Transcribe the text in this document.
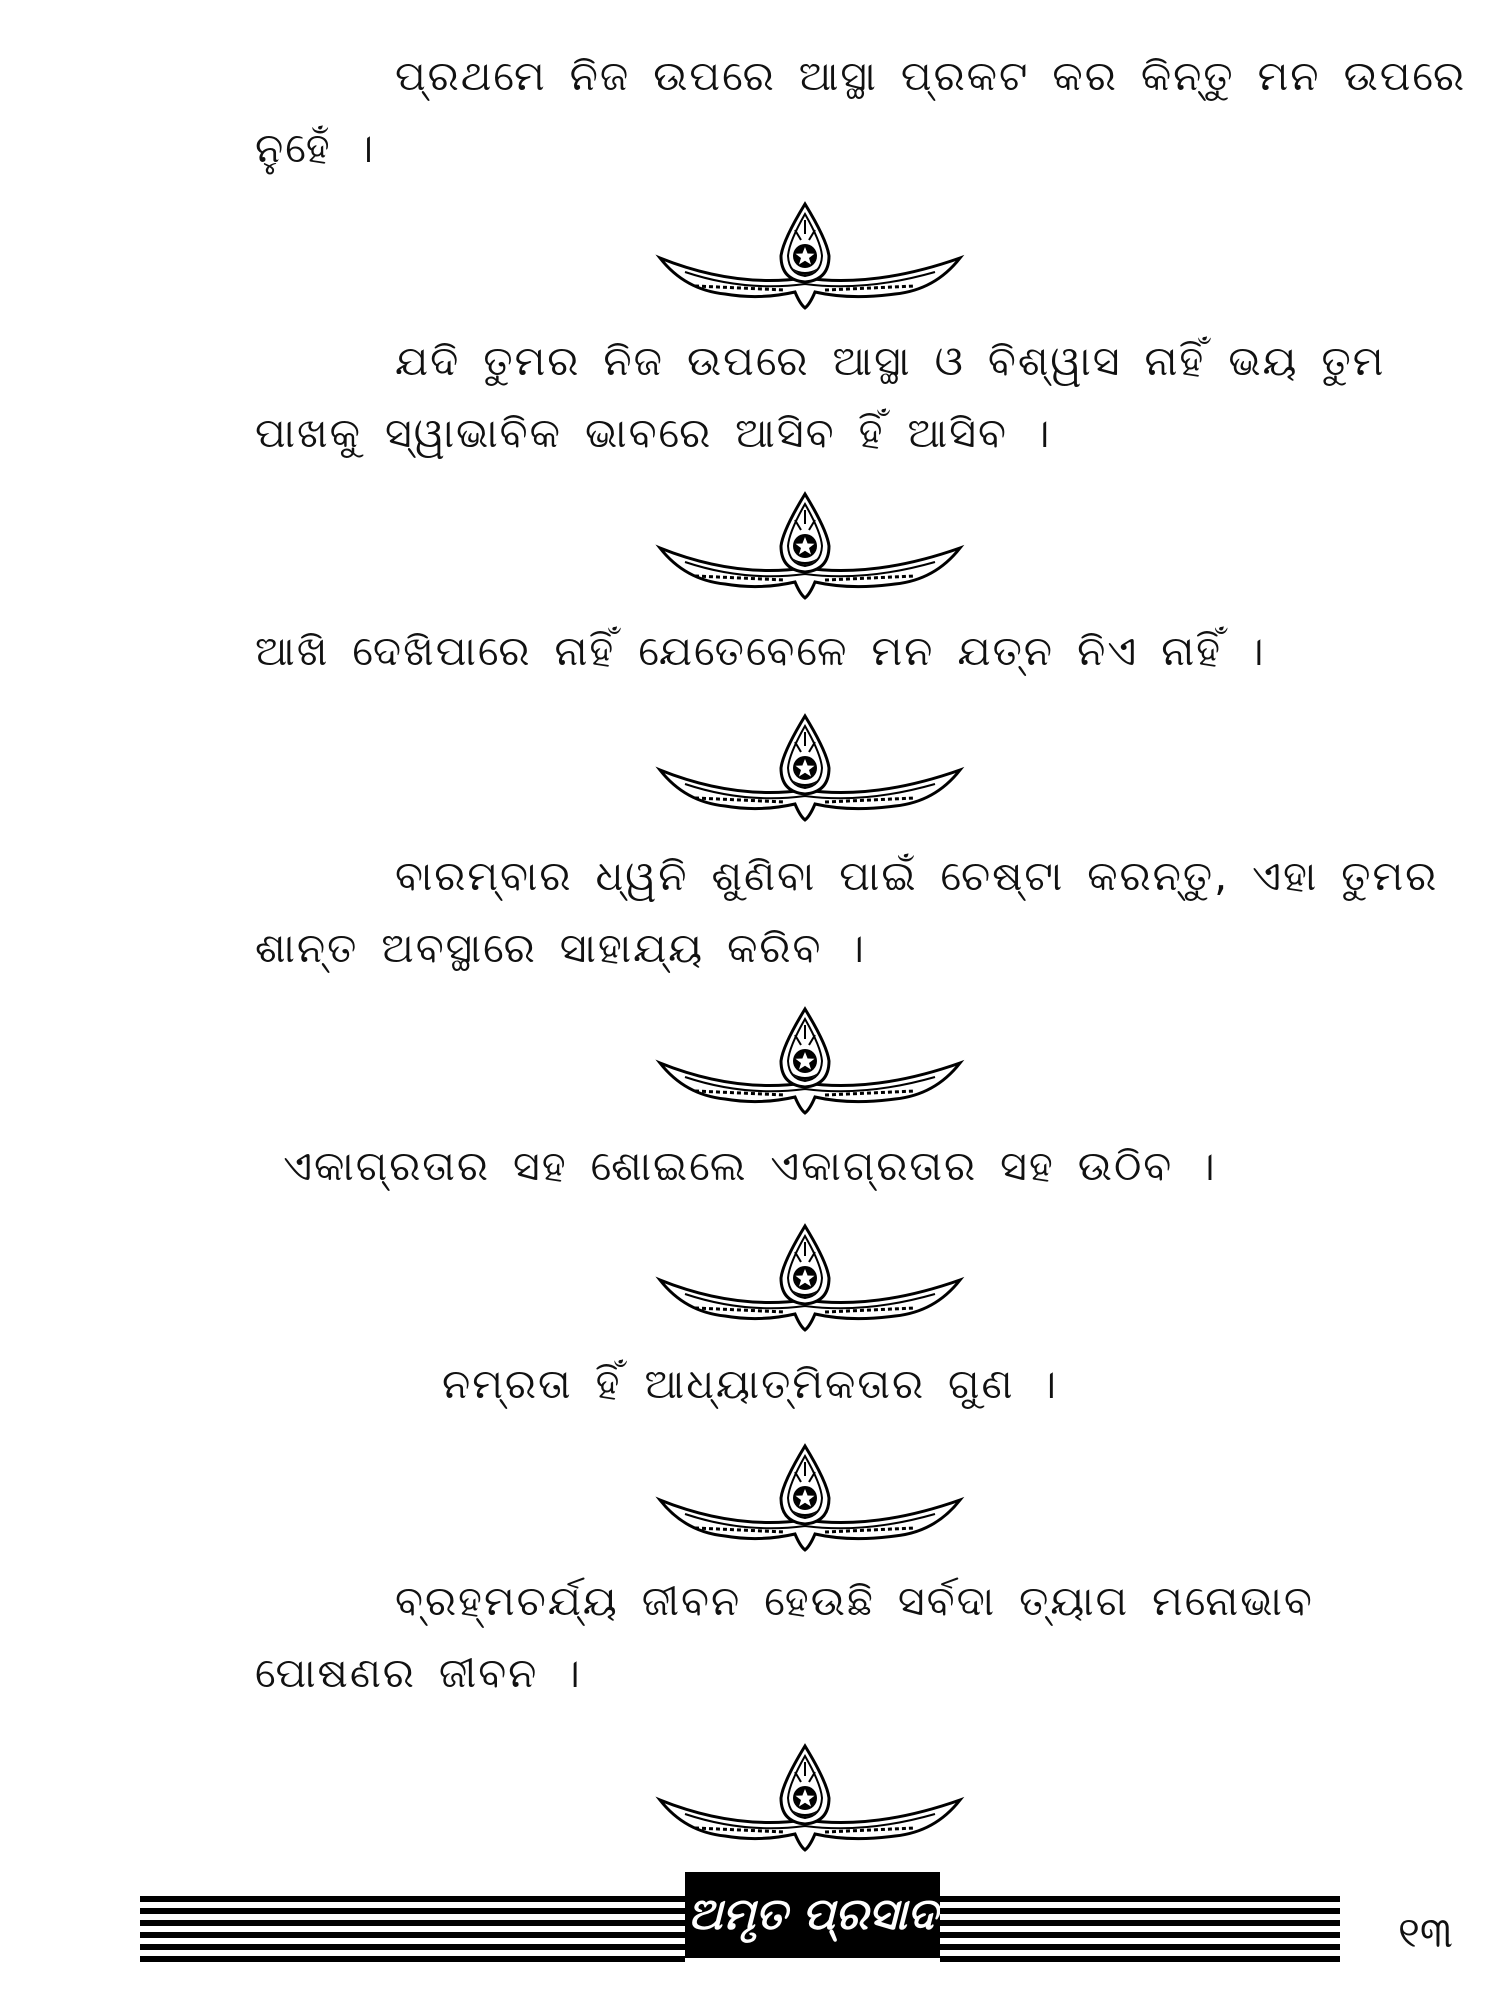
ପ୍ରଥମେ ନିଜ ଉପରେ ଆସ୍ଥା ପ୍ରକଟ କର କିନ୍ତୁ ମନ ଉପରେ ନୁହେଁ ।
ଯଦି ତୁମର ନିଜ ଉପରେ ଆସ୍ଥା ଓ ବିଶ୍ୱାସ ନାହିଁ ଭୟ ତୁମ ପାଖକୁ ସ୍ୱାଭାବିକ ଭାବରେ ଆସିବ ହିଁ ଆସିବ ।
ଆଖି ଦେଖିପାରେ ନାହିଁ ଯେତେବେଳେ ମନ ଯତ୍ନ ନିଏ ନାହିଁ ।
ବାରମ୍ବାର ଧ୍ୱନି ଶୁଣିବା ପାଇଁ ଚେଷ୍ଟା କରନ୍ତୁ, ଏହା ତୁମର ଶାନ୍ତ ଅବସ୍ଥାରେ ସାହାଯ୍ୟ କରିବ ।
ଏକାଗ୍ରତାର ସହ ଶୋଇଲେ ଏକାଗ୍ରତାର ସହ ଉଠିବ ।
ନମ୍ରତା ହିଁ ଆଧ୍ୟାତ୍ମିକତାର ଗୁଣ ।
ବ୍ରହ୍ମଚର୍ଯ୍ୟ ଜୀବନ ହେଉଛି ସର୍ବଦା ତ୍ୟାଗ ମନୋଭାବ ପୋଷଣର ଜୀବନ ।
ଅମୃତ ପ୍ରସାଦ	୧୩
